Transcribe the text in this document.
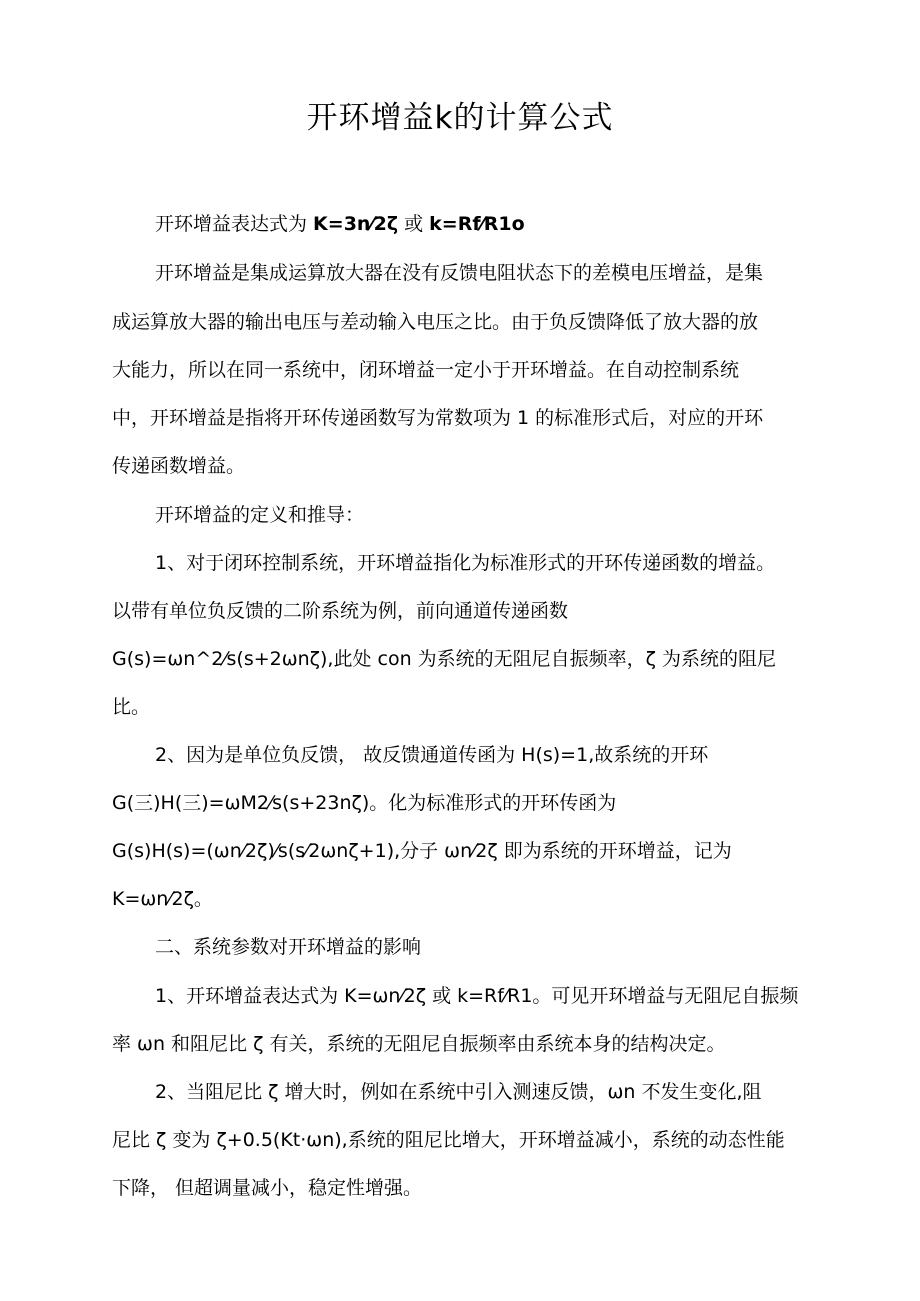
开环增益k的计算公式

开环增益表达式为 K=3n⁄2ζ 或 k=Rf⁄R1o

开环增益是集成运算放大器在没有反馈电阻状态下的差模电压增益，是集

成运算放大器的输出电压与差动输入电压之比。由于负反馈降低了放大器的放

大能力，所以在同一系统中，闭环增益一定小于开环增益。在自动控制系统

中，开环增益是指将开环传递函数写为常数项为 1 的标准形式后，对应的开环

传递函数增益。

开环增益的定义和推导：

1、对于闭环控制系统，开环增益指化为标准形式的开环传递函数的增益。

以带有单位负反馈的二阶系统为例，前向通道传递函数

G(s)=ωn^2⁄s(s+2ωnζ),此处 con 为系统的无阻尼自振频率，ζ 为系统的阻尼

比。

2、因为是单位负反馈， 故反馈通道传函为 H(s)=1,故系统的开环

G(三)H(三)=ωM2⁄s(s+23nζ)。化为标准形式的开环传函为

G(s)H(s)=(ωn⁄2ζ)⁄s(s⁄2ωnζ+1),分子 ωn⁄2ζ 即为系统的开环增益，记为

K=ωn⁄2ζ。

二、系统参数对开环增益的影响

1、开环增益表达式为 K=ωn⁄2ζ 或 k=Rf⁄R1。可见开环增益与无阻尼自振频

率 ωn 和阻尼比 ζ 有关，系统的无阻尼自振频率由系统本身的结构决定。

2、当阻尼比 ζ 增大时，例如在系统中引入测速反馈，ωn 不发生变化,阻

尼比 ζ 变为 ζ+0.5(Kt·ωn),系统的阻尼比增大，开环增益减小，系统的动态性能

下降， 但超调量减小，稳定性增强。
